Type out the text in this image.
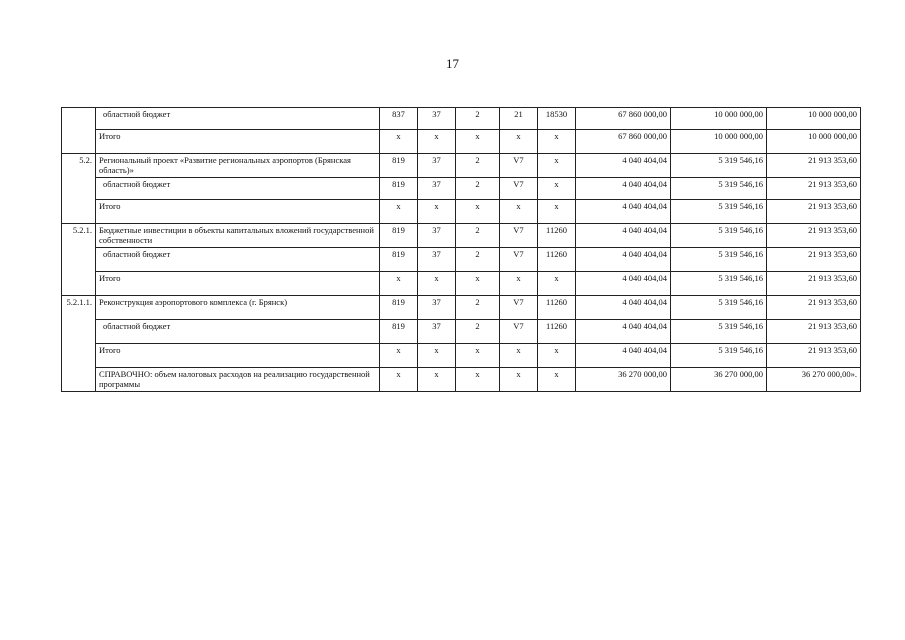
17
	областной бюджет	837	37	2	21	18530	67 860 000,00	10 000 000,00	10 000 000,00
	Итого	x	x	x	x	x	67 860 000,00	10 000 000,00	10 000 000,00
5.2.	Региональный проект «Развитие региональных аэропортов (Брянская область)»	819	37	2	V7	x	4 040 404,04	5 319 546,16	21 913 353,60
	областной бюджет	819	37	2	V7	x	4 040 404,04	5 319 546,16	21 913 353,60
	Итого	x	x	x	x	x	4 040 404,04	5 319 546,16	21 913 353,60
5.2.1.	Бюджетные инвестиции в объекты капитальных вложений государственной собственности	819	37	2	V7	11260	4 040 404,04	5 319 546,16	21 913 353,60
	областной бюджет	819	37	2	V7	11260	4 040 404,04	5 319 546,16	21 913 353,60
	Итого	x	x	x	x	x	4 040 404,04	5 319 546,16	21 913 353,60
5.2.1.1.	Реконструкция аэропортового комплекса (г. Брянск)	819	37	2	V7	11260	4 040 404,04	5 319 546,16	21 913 353,60
	областной бюджет	819	37	2	V7	11260	4 040 404,04	5 319 546,16	21 913 353,60
	Итого	x	x	x	x	x	4 040 404,04	5 319 546,16	21 913 353,60
	СПРАВОЧНО: объем налоговых расходов на реализацию государственной программы	x	x	x	x	x	36 270 000,00	36 270 000,00	36 270 000,00».
